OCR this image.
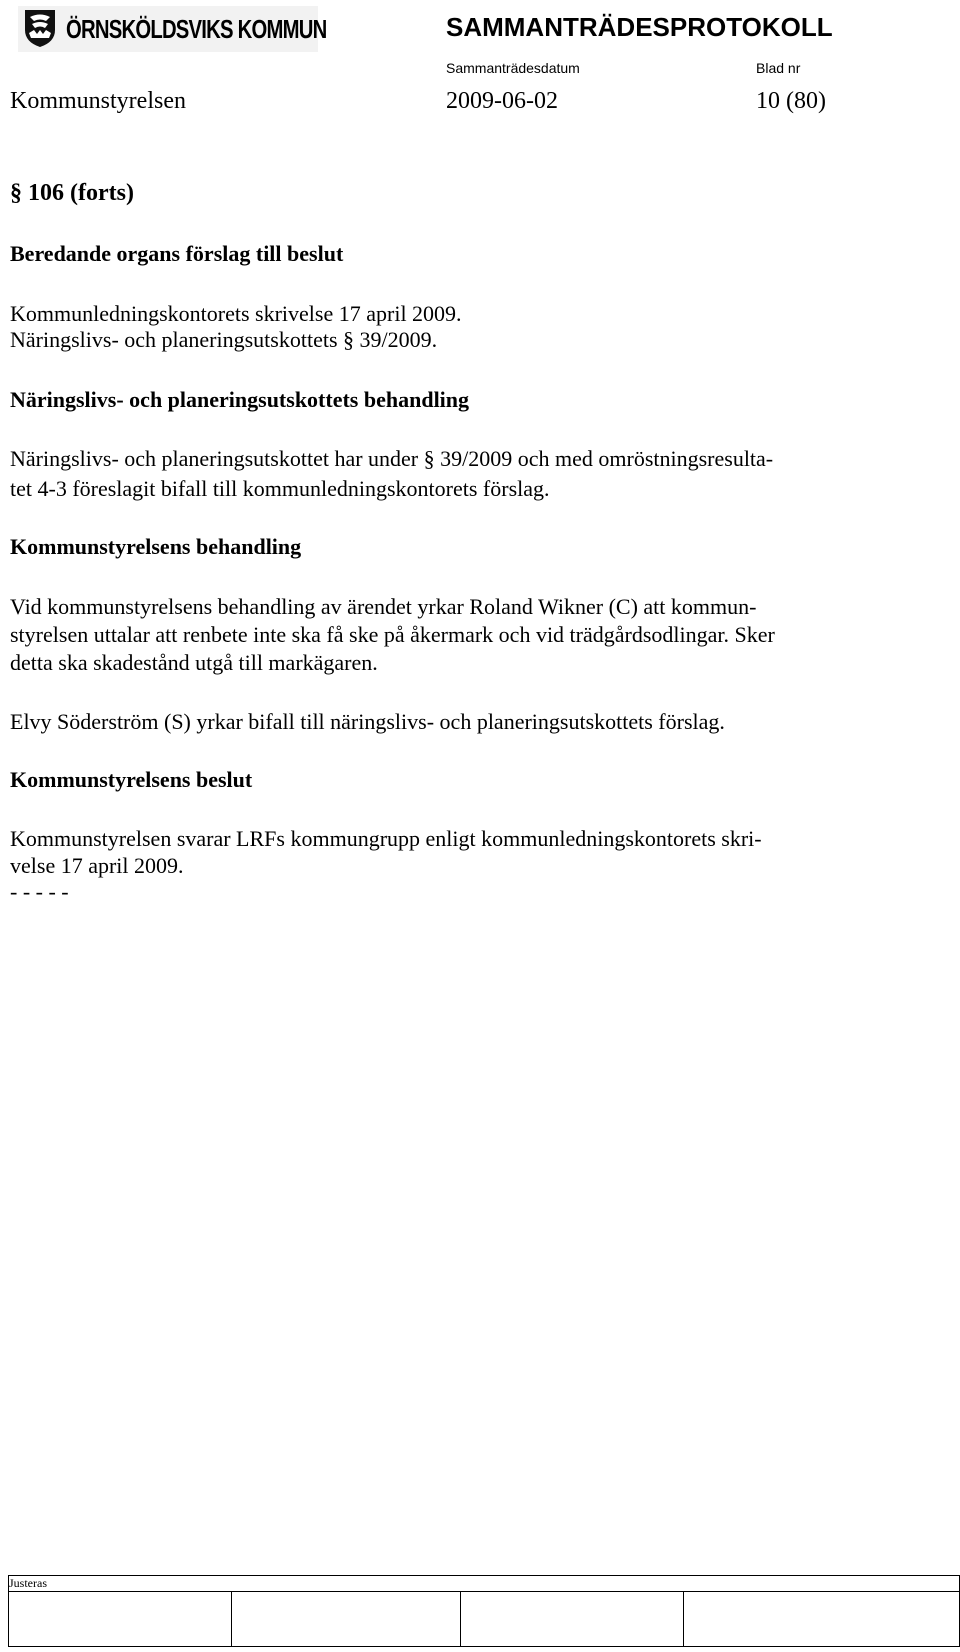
ÖRNSKÖLDSVIKS KOMMUN	SAMMANTRÄDESPROTOKOLL
Sammanträdesdatum	Blad nr
Kommunstyrelsen	2009-06-02	10 (80)
§ 106 (forts)
Beredande organs förslag till beslut
Kommunledningskontorets skrivelse 17 april 2009.
Näringslivs- och planeringsutskottets § 39/2009.
Näringslivs- och planeringsutskottets behandling
Näringslivs- och planeringsutskottet har under § 39/2009 och med omröstningsresulta-
tet 4-3 föreslagit bifall till kommunledningskontorets förslag.
Kommunstyrelsens behandling
Vid kommunstyrelsens behandling av ärendet yrkar Roland Wikner (C) att kommun-
styrelsen uttalar att renbete inte ska få ske på åkermark och vid trädgårdsodlingar. Sker
detta ska skadestånd utgå till markägaren.
Elvy Söderström (S) yrkar bifall till näringslivs- och planeringsutskottets förslag.
Kommunstyrelsens beslut
Kommunstyrelsen svarar LRFs kommungrupp enligt kommunledningskontorets skri-
velse 17 april 2009.
- - - - -
Justeras
